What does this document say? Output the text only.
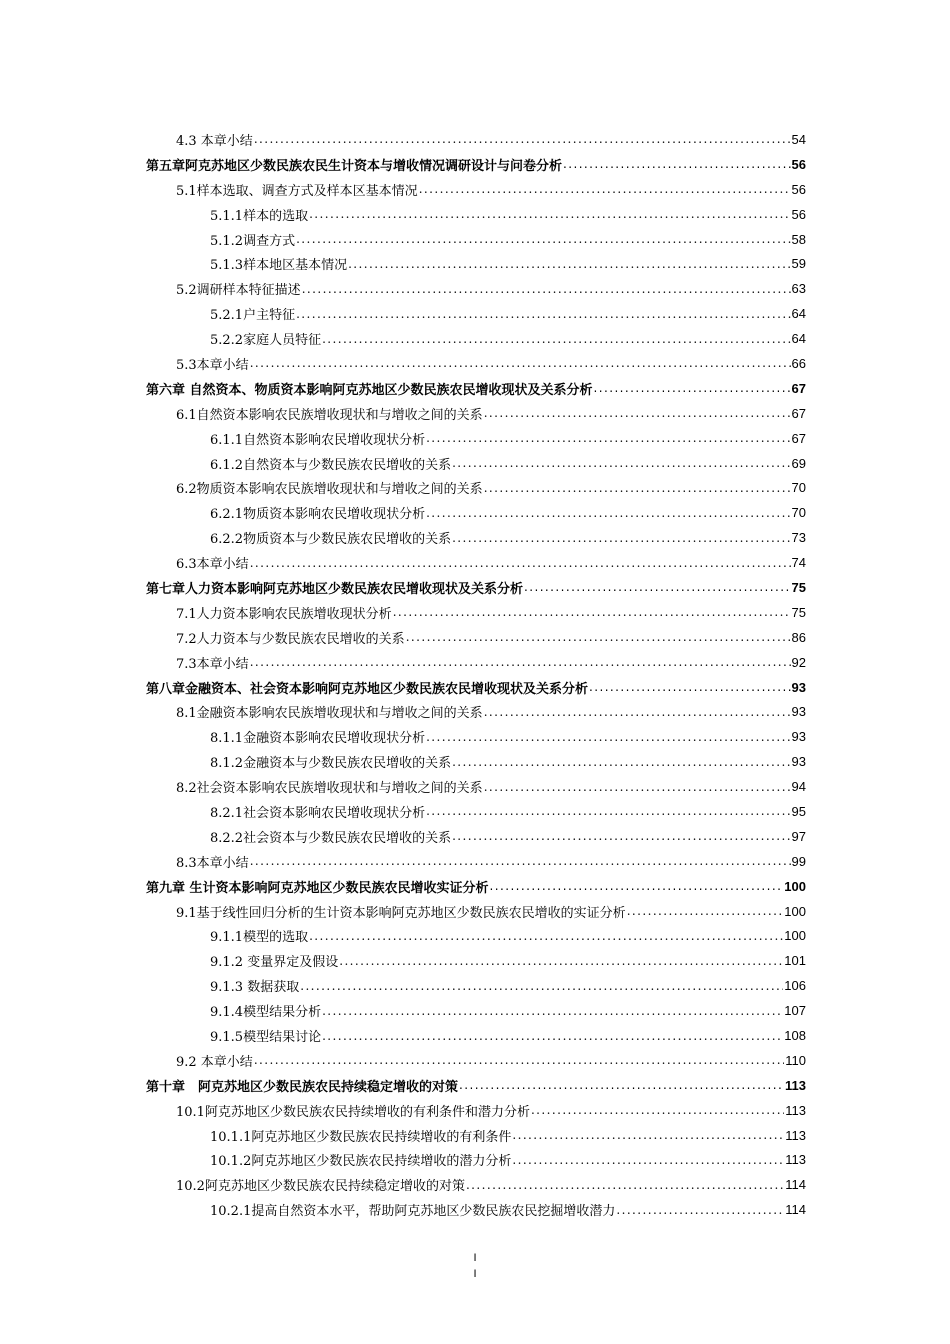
4.3 本章小结 . . .	54
第五章阿克苏地区少数民族农民生计资本与增收情况调研设计与问卷分析 . . .	56
5.1样本选取、调查方式及样本区基本情况 . . .	56
5.1.1样本的选取 . . .	56
5.1.2调查方式 . . .	58
5.1.3样本地区基本情况 . . .	59
5.2调研样本特征描述 . . .	63
5.2.1户主特征 . . .	64
5.2.2家庭人员特征 . . .	64
5.3本章小结 . . .	66
第六章 自然资本、物质资本影响阿克苏地区少数民族农民增收现状及关系分析 . . .	67
6.1自然资本影响农民族增收现状和与增收之间的关系 . . .	67
6.1.1自然资本影响农民增收现状分析 . . .	67
6.1.2自然资本与少数民族农民增收的关系 . . .	69
6.2物质资本影响农民族增收现状和与增收之间的关系 . . .	70
6.2.1物质资本影响农民增收现状分析 . . .	70
6.2.2物质资本与少数民族农民增收的关系 . . .	73
6.3本章小结 . . .	74
第七章人力资本影响阿克苏地区少数民族农民增收现状及关系分析 . . .	75
7.1人力资本影响农民族增收现状分析 . . .	75
7.2人力资本与少数民族农民增收的关系 . . .	86
7.3本章小结 . . .	92
第八章金融资本、社会资本影响阿克苏地区少数民族农民增收现状及关系分析 . . .	93
8.1金融资本影响农民族增收现状和与增收之间的关系 . . .	93
8.1.1金融资本影响农民增收现状分析 . . .	93
8.1.2金融资本与少数民族农民增收的关系 . . .	93
8.2社会资本影响农民族增收现状和与增收之间的关系 . . .	94
8.2.1社会资本影响农民增收现状分析 . . .	95
8.2.2社会资本与少数民族农民增收的关系 . . .	97
8.3本章小结 . . .	99
第九章 生计资本影响阿克苏地区少数民族农民增收实证分析 . . .	100
9.1基于线性回归分析的生计资本影响阿克苏地区少数民族农民增收的实证分析 . . .	100
9.1.1模型的选取 . . .	100
9.1.2 变量界定及假设 . . .	101
9.1.3 数据获取 . . .	106
9.1.4模型结果分析 . . .	107
9.1.5模型结果讨论 . . .	108
9.2 本章小结 . . .	110
第十章　阿克苏地区少数民族农民持续稳定增收的对策 . . .	113
10.1阿克苏地区少数民族农民持续增收的有利条件和潜力分析 . . .	113
10.1.1阿克苏地区少数民族农民持续增收的有利条件 . . .	113
10.1.2阿克苏地区少数民族农民持续增收的潜力分析 . . .	113
10.2阿克苏地区少数民族农民持续稳定增收的对策 . . .	114
10.2.1提高自然资本水平，帮助阿克苏地区少数民族农民挖掘增收潜力 . . .	114
I
I
